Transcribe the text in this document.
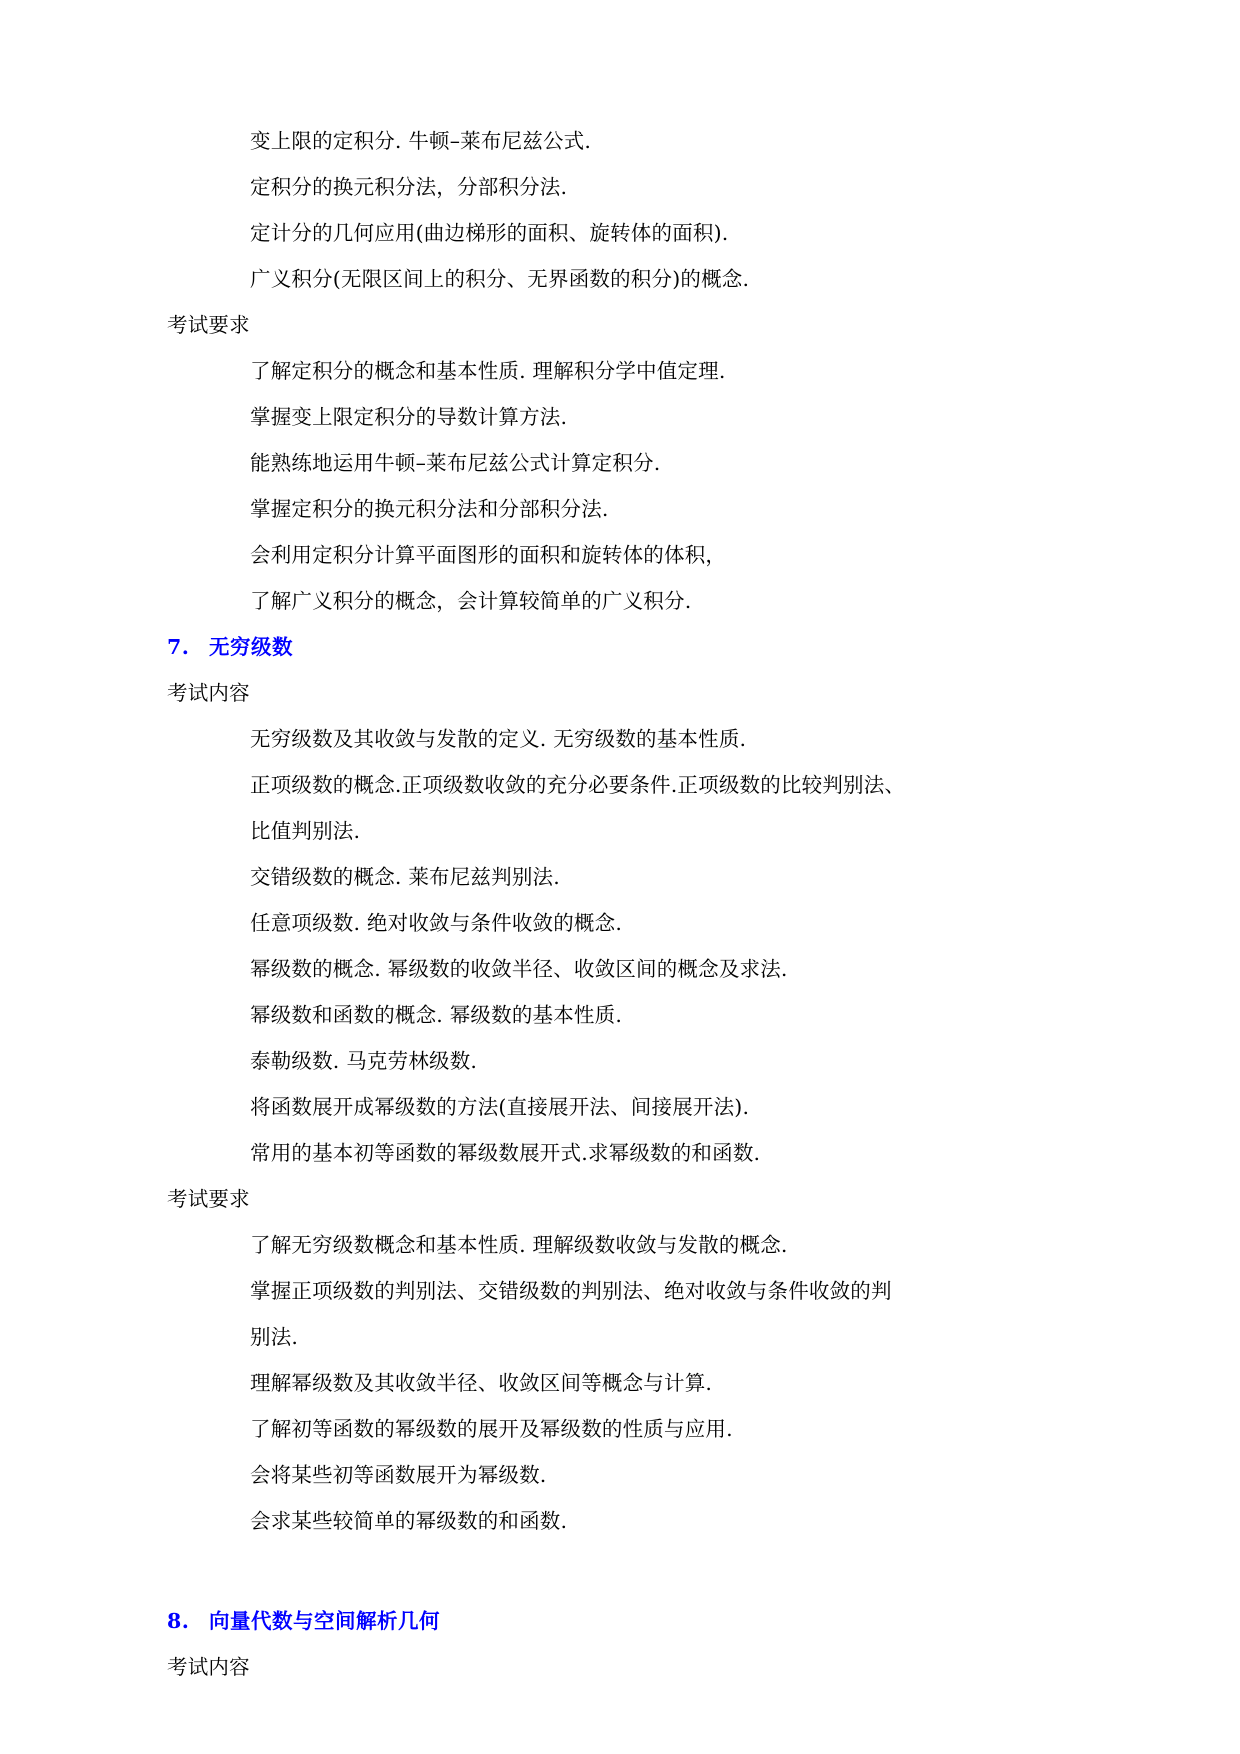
变上限的定积分. 牛顿–莱布尼兹公式.
定积分的换元积分法，分部积分法.
定计分的几何应用(曲边梯形的面积、旋转体的面积).
广义积分(无限区间上的积分、无界函数的积分)的概念.
考试要求
了解定积分的概念和基本性质. 理解积分学中值定理.
掌握变上限定积分的导数计算方法.
能熟练地运用牛顿–莱布尼兹公式计算定积分.
掌握定积分的换元积分法和分部积分法.
会利用定积分计算平面图形的面积和旋转体的体积，
了解广义积分的概念，会计算较简单的广义积分.
7. 无穷级数
考试内容
无穷级数及其收敛与发散的定义. 无穷级数的基本性质.
正项级数的概念.正项级数收敛的充分必要条件.正项级数的比较判别法、
比值判别法.
交错级数的概念. 莱布尼兹判别法.
任意项级数. 绝对收敛与条件收敛的概念.
幂级数的概念. 幂级数的收敛半径、收敛区间的概念及求法.
幂级数和函数的概念. 幂级数的基本性质.
泰勒级数. 马克劳林级数.
将函数展开成幂级数的方法(直接展开法、间接展开法).
常用的基本初等函数的幂级数展开式.求幂级数的和函数.
考试要求
了解无穷级数概念和基本性质. 理解级数收敛与发散的概念.
掌握正项级数的判别法、交错级数的判别法、绝对收敛与条件收敛的判
别法.
理解幂级数及其收敛半径、收敛区间等概念与计算.
了解初等函数的幂级数的展开及幂级数的性质与应用.
会将某些初等函数展开为幂级数.
会求某些较简单的幂级数的和函数.
8. 向量代数与空间解析几何
考试内容
